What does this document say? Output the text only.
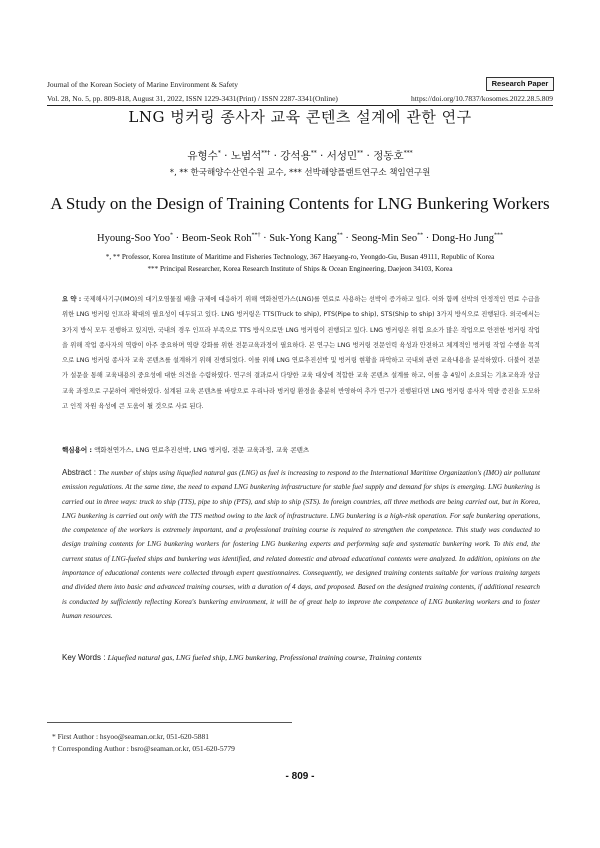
Journal of the Korean Society of Marine Environment & Safety	Research Paper
Vol. 28, No. 5, pp. 809-818, August 31, 2022, ISSN 1229-3431(Print) / ISSN 2287-3341(Online)	https://doi.org/10.7837/kosomes.2022.28.5.809
LNG 벙커링 종사자 교육 콘텐츠 설계에 관한 연구
유형수* · 노범석**† · 강석용** · 서성민** · 정동호***
*, ** 한국해양수산연수원 교수, *** 선박해양플랜트연구소 책임연구원
A Study on the Design of Training Contents for LNG Bunkering Workers
Hyoung-Soo Yoo* · Beom-Seok Roh**† · Suk-Yong Kang** · Seong-Min Seo** · Dong-Ho Jung***
*, ** Professor, Korea Institute of Maritime and Fisheries Technology, 367 Haeyang-ro, Yeongdo-Gu, Busan 49111, Republic of Korea
*** Principal Researcher, Korea Research Institute of Ships & Ocean Engineering, Daejeon 34103, Korea
요 약 : 국제해사기구(IMO)의 대기오염물질 배출 규제에 대응하기 위해 액화천연가스(LNG)를 연료로 사용하는 선박이 증가하고 있다. 이와 함께 선박의 안정적인 연료 수급을 위한 LNG 벙커링 인프라 확대의 필요성이 대두되고 있다. LNG 벙커링은 TTS(Truck to ship), PTS(Pipe to ship), STS(Ship to ship) 3가지 방식으로 진행된다. 외국에서는 3가지 방식 모두 진행하고 있지만, 국내의 경우 인프라 부족으로 TTS 방식으로만 LNG 벙커링이 진행되고 있다. LNG 벙커링은 위험 요소가 많은 작업으로 안전한 벙커링 작업을 위해 작업 종사자의 역량이 아주 중요하며 역량 강화를 위한 전문교육과정이 필요하다. 본 연구는 LNG 벙커링 전문인력 육성과 안전하고 체계적인 벙커링 작업 수행을 목적으로 LNG 벙커링 종사자 교육 콘텐츠를 설계하기 위해 진행되었다. 이를 위해 LNG 연료추진선박 및 벙커링 현황을 파악하고 국내외 관련 교육내용을 분석하였다. 더불어 전문가 설문을 통해 교육내용의 중요성에 대한 의견을 수렴하였다. 연구의 결과로서 다양한 교육 대상에 적합한 교육 콘텐츠 설계를 하고, 이를 총 4일이 소요되는 기초교육과 상급교육 과정으로 구분하여 제안하였다. 설계된 교육 콘텐츠를 바탕으로 우리나라 벙커링 환경을 충분히 반영하여 추가 연구가 진행된다면 LNG 벙커링 종사자 역량 증진을 도모하고 인적 자원 육성에 큰 도움이 될 것으로 사료 된다.
핵심용어 : 액화천연가스, LNG 연료추진선박, LNG 벙커링, 전문 교육과정, 교육 콘텐츠
Abstract : The number of ships using liquefied natural gas (LNG) as fuel is increasing to respond to the International Maritime Organization's (IMO) air pollutant emission regulations. At the same time, the need to expand LNG bunkering infrastructure for stable fuel supply and demand for ships is emerging. LNG bunkering is carried out in three ways: truck to ship (TTS), pipe to ship (PTS), and ship to ship (STS). In foreign countries, all three methods are being carried out, but in Korea, LNG bunkering is carried out only with the TTS method owing to the lack of infrastructure. LNG bunkering is a high-risk operation. For safe bunkering operations, the competence of the workers is extremely important, and a professional training course is required to strengthen the competence. This study was conducted to design training contents for LNG bunkering workers for fostering LNG bunkering experts and performing safe and systematic bunkering work. To this end, the current status of LNG-fueled ships and bunkering was identified, and related domestic and abroad educational contents were analyzed. In addition, opinions on the importance of educational contents were collected through expert questionnaires. Consequently, we designed training contents suitable for various training targets and divided them into basic and advanced training courses, with a duration of 4 days, and proposed. Based on the designed training contents, if additional research is conducted by sufficiently reflecting Korea's bunkering environment, it will be of great help to improve the competence of LNG bunkering workers and to foster human resources.
Key Words : Liquefied natural gas, LNG fueled ship, LNG bunkering, Professional training course, Training contents
* First Author : hsyoo@seaman.or.kr, 051-620-5881
† Corresponding Author : bsro@seaman.or.kr, 051-620-5779
- 809 -
